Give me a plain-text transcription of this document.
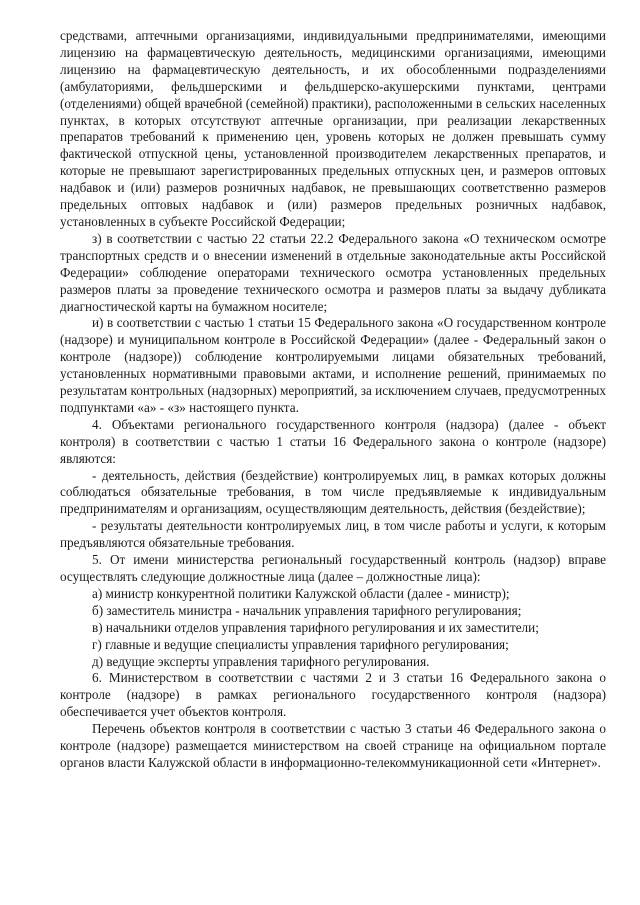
средствами, аптечными организациями, индивидуальными предпринимателями, имеющими лицензию на фармацевтическую деятельность, медицинскими организациями, имеющими лицензию на фармацевтическую деятельность, и их обособленными подразделениями (амбулаториями, фельдшерскими и фельдшерско-акушерскими пунктами, центрами (отделениями) общей врачебной (семейной) практики), расположенными в сельских населенных пунктах, в которых отсутствуют аптечные организации, при реализации лекарственных препаратов требований к применению цен, уровень которых не должен превышать сумму фактической отпускной цены, установленной производителем лекарственных препаратов, и которые не превышают зарегистрированных предельных отпускных цен, и размеров оптовых надбавок и (или) размеров розничных надбавок, не превышающих соответственно размеров предельных оптовых надбавок и (или) размеров предельных розничных надбавок, установленных в субъекте Российской Федерации;

з) в соответствии с частью 22 статьи 22.2 Федерального закона «О техническом осмотре транспортных средств и о внесении изменений в отдельные законодательные акты Российской Федерации» соблюдение операторами технического осмотра установленных предельных размеров платы за проведение технического осмотра и размеров платы за выдачу дубликата диагностической карты на бумажном носителе;

и) в соответствии с частью 1 статьи 15 Федерального закона «О государственном контроле (надзоре) и муниципальном контроле в Российской Федерации» (далее - Федеральный закон о контроле (надзоре)) соблюдение контролируемыми лицами обязательных требований, установленных нормативными правовыми актами, и исполнение решений, принимаемых по результатам контрольных (надзорных) мероприятий, за исключением случаев, предусмотренных подпунктами «а» - «з» настоящего пункта.

4. Объектами регионального государственного контроля (надзора) (далее - объект контроля) в соответствии с частью 1 статьи 16 Федерального закона о контроле (надзоре) являются:

- деятельность, действия (бездействие) контролируемых лиц, в рамках которых должны соблюдаться обязательные требования, в том числе предъявляемые к индивидуальным предпринимателям и организациям, осуществляющим деятельность, действия (бездействие);

- результаты деятельности контролируемых лиц, в том числе работы и услуги, к которым предъявляются обязательные требования.

5. От имени министерства региональный государственный контроль (надзор) вправе осуществлять следующие должностные лица (далее – должностные лица):

а) министр конкурентной политики Калужской области (далее - министр);

б) заместитель министра - начальник управления тарифного регулирования;

в) начальники отделов управления тарифного регулирования и их заместители;

г) главные и ведущие специалисты управления тарифного регулирования;

д) ведущие эксперты управления тарифного регулирования.

6. Министерством в соответствии с частями 2 и 3 статьи 16 Федерального закона о контроле (надзоре) в рамках регионального государственного контроля (надзора) обеспечивается учет объектов контроля.

Перечень объектов контроля в соответствии с частью 3 статьи 46 Федерального закона о контроле (надзоре) размещается министерством на своей странице на официальном портале органов власти Калужской области в информационно-телекоммуникационной сети «Интернет».
